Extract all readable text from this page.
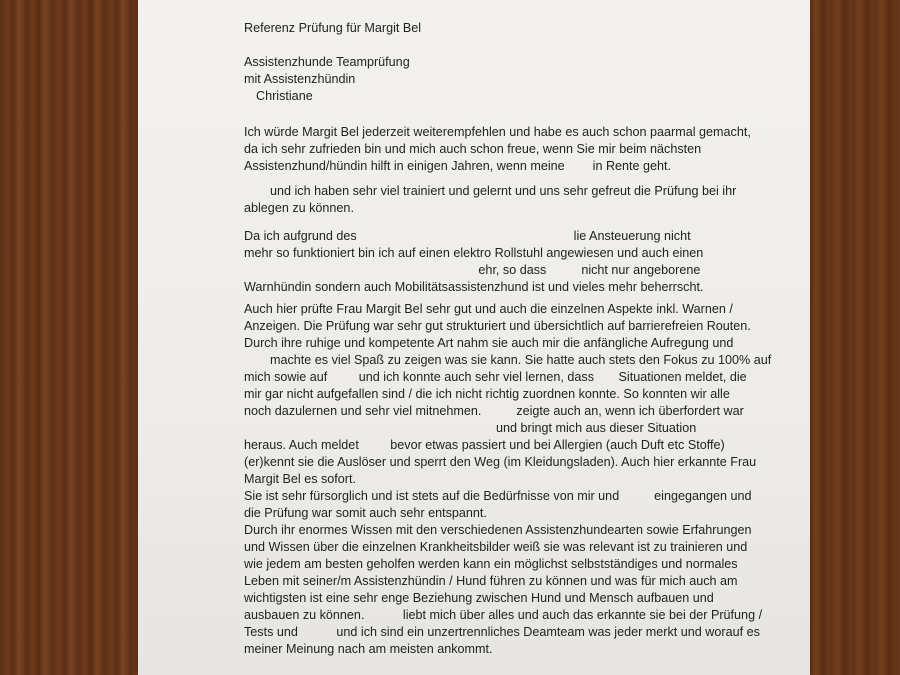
Referenz Prüfung für Margit Bel
Assistenzhunde Teamprüfung
mit Assistenzhündin
Christiane
Ich würde Margit Bel jederzeit weiterempfehlen und habe es auch schon paarmal gemacht,
da ich sehr zufrieden bin und mich auch schon freue, wenn Sie mir beim nächsten
Assistenzhund/hündin hilft in einigen Jahren, wenn meine        in Rente geht.
und ich haben sehr viel trainiert und gelernt und uns sehr gefreut die Prüfung bei ihr
ablegen zu können.
Da ich aufgrund des                                                              lie Ansteuerung nicht
mehr so funktioniert bin ich auf einen elektro Rollstuhl angewiesen und auch einen
ehr, so dass          nicht nur angeborene
Warnhündin sondern auch Mobilitätsassistenzhund ist und vieles mehr beherrscht.
Auch hier prüfte Frau Margit Bel sehr gut und auch die einzelnen Aspekte inkl. Warnen /
Anzeigen. Die Prüfung war sehr gut strukturiert und übersichtlich auf barrierefreien Routen.
Durch ihre ruhige und kompetente Art nahm sie auch mir die anfängliche Aufregung und
machte es viel Spaß zu zeigen was sie kann. Sie hatte auch stets den Fokus zu 100% auf
mich sowie auf         und ich konnte auch sehr viel lernen, dass       Situationen meldet, die
mir gar nicht aufgefallen sind / die ich nicht richtig zuordnen konnte. So konnten wir alle
noch dazulernen und sehr viel mitnehmen.          zeigte auch an, wenn ich überfordert war
und bringt mich aus dieser Situation
heraus. Auch meldet         bevor etwas passiert und bei Allergien (auch Duft etc Stoffe)
(er)kennt sie die Auslöser und sperrt den Weg (im Kleidungsladen). Auch hier erkannte Frau
Margit Bel es sofort.
Sie ist sehr fürsorglich und ist stets auf die Bedürfnisse von mir und          eingegangen und
die Prüfung war somit auch sehr entspannt.
Durch ihr enormes Wissen mit den verschiedenen Assistenzhundearten sowie Erfahrungen
und Wissen über die einzelnen Krankheitsbilder weiß sie was relevant ist zu trainieren und
wie jedem am besten geholfen werden kann ein möglichst selbstständiges und normales
Leben mit seiner/m Assistenzhündin / Hund führen zu können und was für mich auch am
wichtigsten ist eine sehr enge Beziehung zwischen Hund und Mensch aufbauen und
ausbauen zu können.           liebt mich über alles und auch das erkannte sie bei der Prüfung /
Tests und           und ich sind ein unzertrennliches Deamteam was jeder merkt und worauf es
meiner Meinung nach am meisten ankommt.
